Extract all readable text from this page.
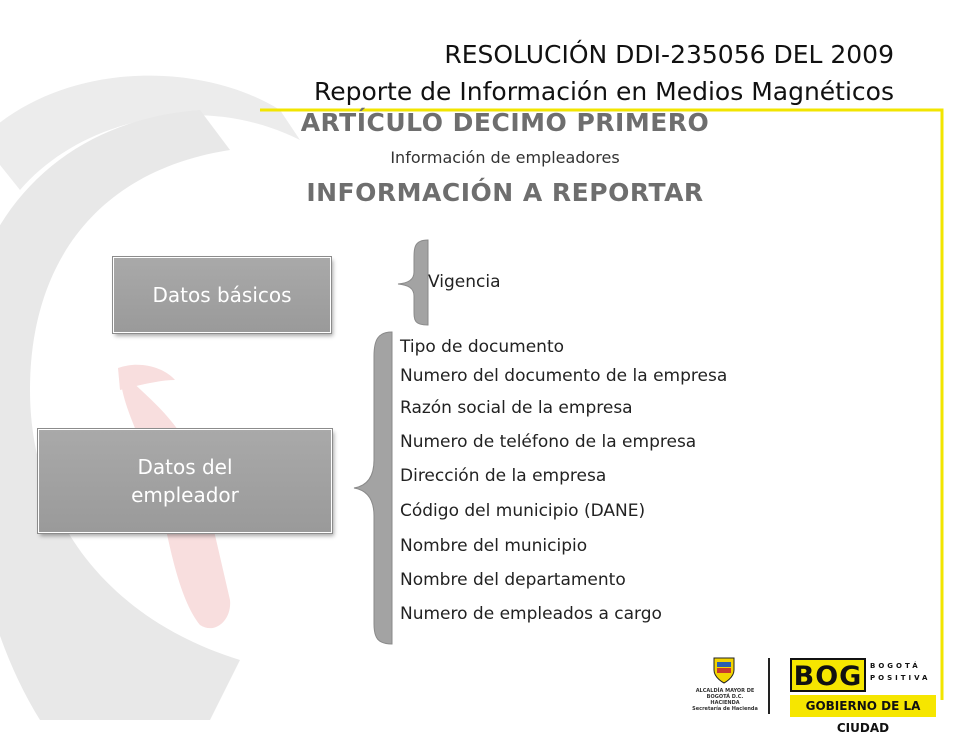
RESOLUCIÓN DDI-235056 DEL 2009
Reporte de Información en Medios Magnéticos
ARTÍCULO DECIMO PRIMERO
Información de empleadores
INFORMACIÓN A REPORTAR
Datos básicos
Datos del
empleador
Vigencia
Tipo de documento
Numero del documento de la empresa
Razón social de la empresa
Numero de teléfono de la empresa
Dirección de la empresa
Código del municipio (DANE)
Nombre del municipio
Nombre del departamento
Numero de empleados a cargo
ALCALDÍA MAYOR DE BOGOTÁ D.C.
HACIENDA
Secretaría de Hacienda
BOG	BOGOTÁ
POSITIVA
GOBIERNO DE LA CIUDAD
